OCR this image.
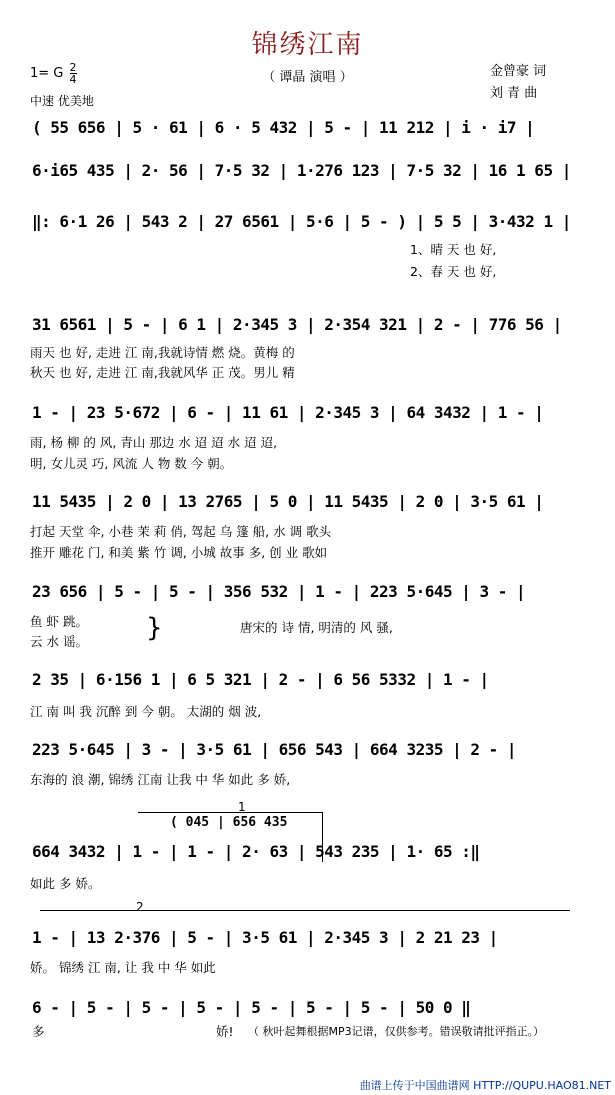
锦绣江南
（ 谭晶 演唱 ）
1= G $\frac{2}{4}$
中速 优美地
金曾豪 词
刘 青 曲
( 55 656 | 5 · 61 | 6 · 5 432 | 5 - | 11 212 | i · i7 |
6·i65 435 | 2· 56 | 7·5 32 | 1·276 123 | 7·5 32 | 16 1 65 |
‖: 6·1 26 | 543 2 | 27 6561 | 5·6 | 5 - ) | 5 5 | 3·432 1 |
1、晴 天 也 好,
2、春 天 也 好,
31 6561 | 5 - | 6 1 | 2·345 3 | 2·354 321 | 2 - | 776 56 |
雨天 也 好, 走进 江 南,我就诗情 燃 烧。黄梅 的
秋天 也 好, 走进 江 南,我就风华 正 茂。男儿 精
1 - | 23 5·672 | 6 - | 11 61 | 2·345 3 | 64 3432 | 1 - |
雨, 杨 柳 的 风, 青山 那边 水 迢 迢 水 迢 迢,
明, 女儿灵 巧, 风流 人 物 数 今 朝。
11 5435 | 2 0 | 13 2765 | 5 0 | 11 5435 | 2 0 | 3·5 61 |
打起 天堂 伞, 小巷 茉 莉 俏, 驾起 乌 篷 船, 水 调 歌头
推开 雕花 门, 和美 紫 竹 调, 小城 故事 多, 创 业 歌如
23 656 | 5 - | 5 - | 356 532 | 1 - | 223 5·645 | 3 - |
鱼 虾 跳。
云 水 谣。 }	唐宋的 诗 情, 明清的 风 骚,
2 35 | 6·156 1 | 6 5 321 | 2 - | 6 56 5332 | 1 - |
江 南 叫 我 沉醉 到 今 朝。 太湖的 烟 波,
223 5·645 | 3 - | 3·5 61 | 656 543 | 664 3235 | 2 - |
东海的 浪 潮, 锦绣 江南 让我 中 华 如此 多 娇,
1
( 045 | 656 435
664 3432 | 1 - | 1 - | 2· 63 | 543 235 | 1· 65 :‖
如此 多 娇。
2
1 - | 13 2·376 | 5 - | 3·5 61 | 2·345 3 | 2 21 23 |
娇。 锦绣 江 南, 让 我 中 华 如此
6 - | 5 - | 5 - | 5 - | 5 - | 5 - | 5 - | 50 0 ‖
多	娇! （ 秋叶起舞根据MP3记谱，仅供参考。错误敬请批评指正。）
曲谱上传于中国曲谱网 HTTP://QUPU.HAO81.NET
